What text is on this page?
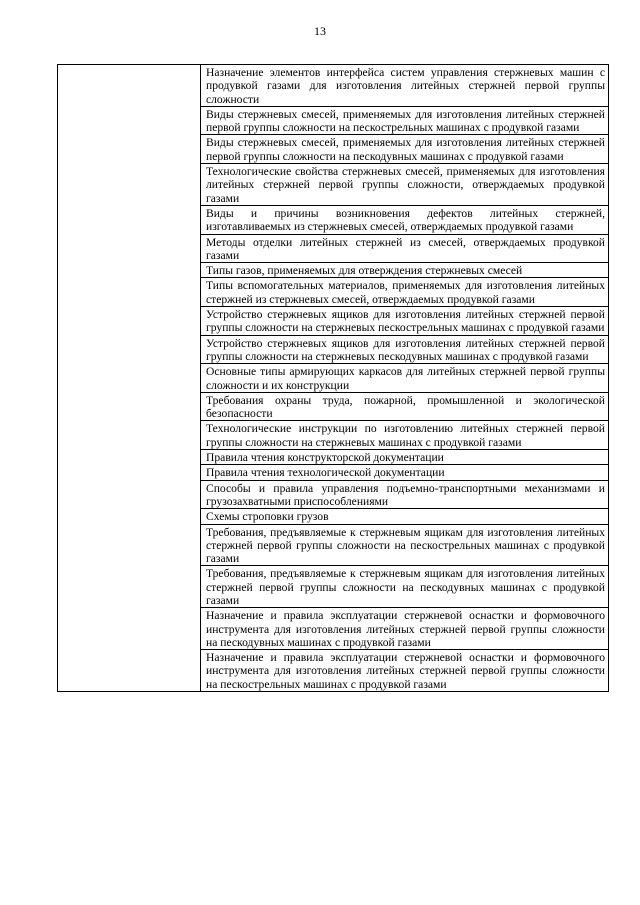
13
	Назначение элементов интерфейса систем управления стержневых машин с продувкой газами для изготовления литейных стержней первой группы сложности
Виды стержневых смесей, применяемых для изготовления литейных стержней первой группы сложности на пескострельных машинах с продувкой газами
Виды стержневых смесей, применяемых для изготовления литейных стержней первой группы сложности на пескодувных машинах с продувкой газами
Технологические свойства стержневых смесей, применяемых для изготовления литейных стержней первой группы сложности, отверждаемых продувкой газами
Виды и причины возникновения дефектов литейных стержней, изготавливаемых из стержневых смесей, отверждаемых продувкой газами
Методы отделки литейных стержней из смесей, отверждаемых продувкой газами
Типы газов, применяемых для отверждения стержневых смесей
Типы вспомогательных материалов, применяемых для изготовления литейных стержней из стержневых смесей, отверждаемых продувкой газами
Устройство стержневых ящиков для изготовления литейных стержней первой группы сложности на стержневых пескострельных машинах с продувкой газами
Устройство стержневых ящиков для изготовления литейных стержней первой группы сложности на стержневых пескодувных машинах с продувкой газами
Основные типы армирующих каркасов для литейных стержней первой группы сложности и их конструкции
Требования охраны труда, пожарной, промышленной и экологической безопасности
Технологические инструкции по изготовлению литейных стержней первой группы сложности на стержневых машинах с продувкой газами
Правила чтения конструкторской документации
Правила чтения технологической документации
Способы и правила управления подъемно-транспортными механизмами и грузозахватными приспособлениями
Схемы строповки грузов
Требования, предъявляемые к стержневым ящикам для изготовления литейных стержней первой группы сложности на пескострельных машинах с продувкой газами
Требования, предъявляемые к стержневым ящикам для изготовления литейных стержней первой группы сложности на пескодувных машинах с продувкой газами
Назначение и правила эксплуатации стержневой оснастки и формовочного инструмента для изготовления литейных стержней первой группы сложности на пескодувных машинах с продувкой газами
Назначение и правила эксплуатации стержневой оснастки и формовочного инструмента для изготовления литейных стержней первой группы сложности на пескострельных машинах с продувкой газами
